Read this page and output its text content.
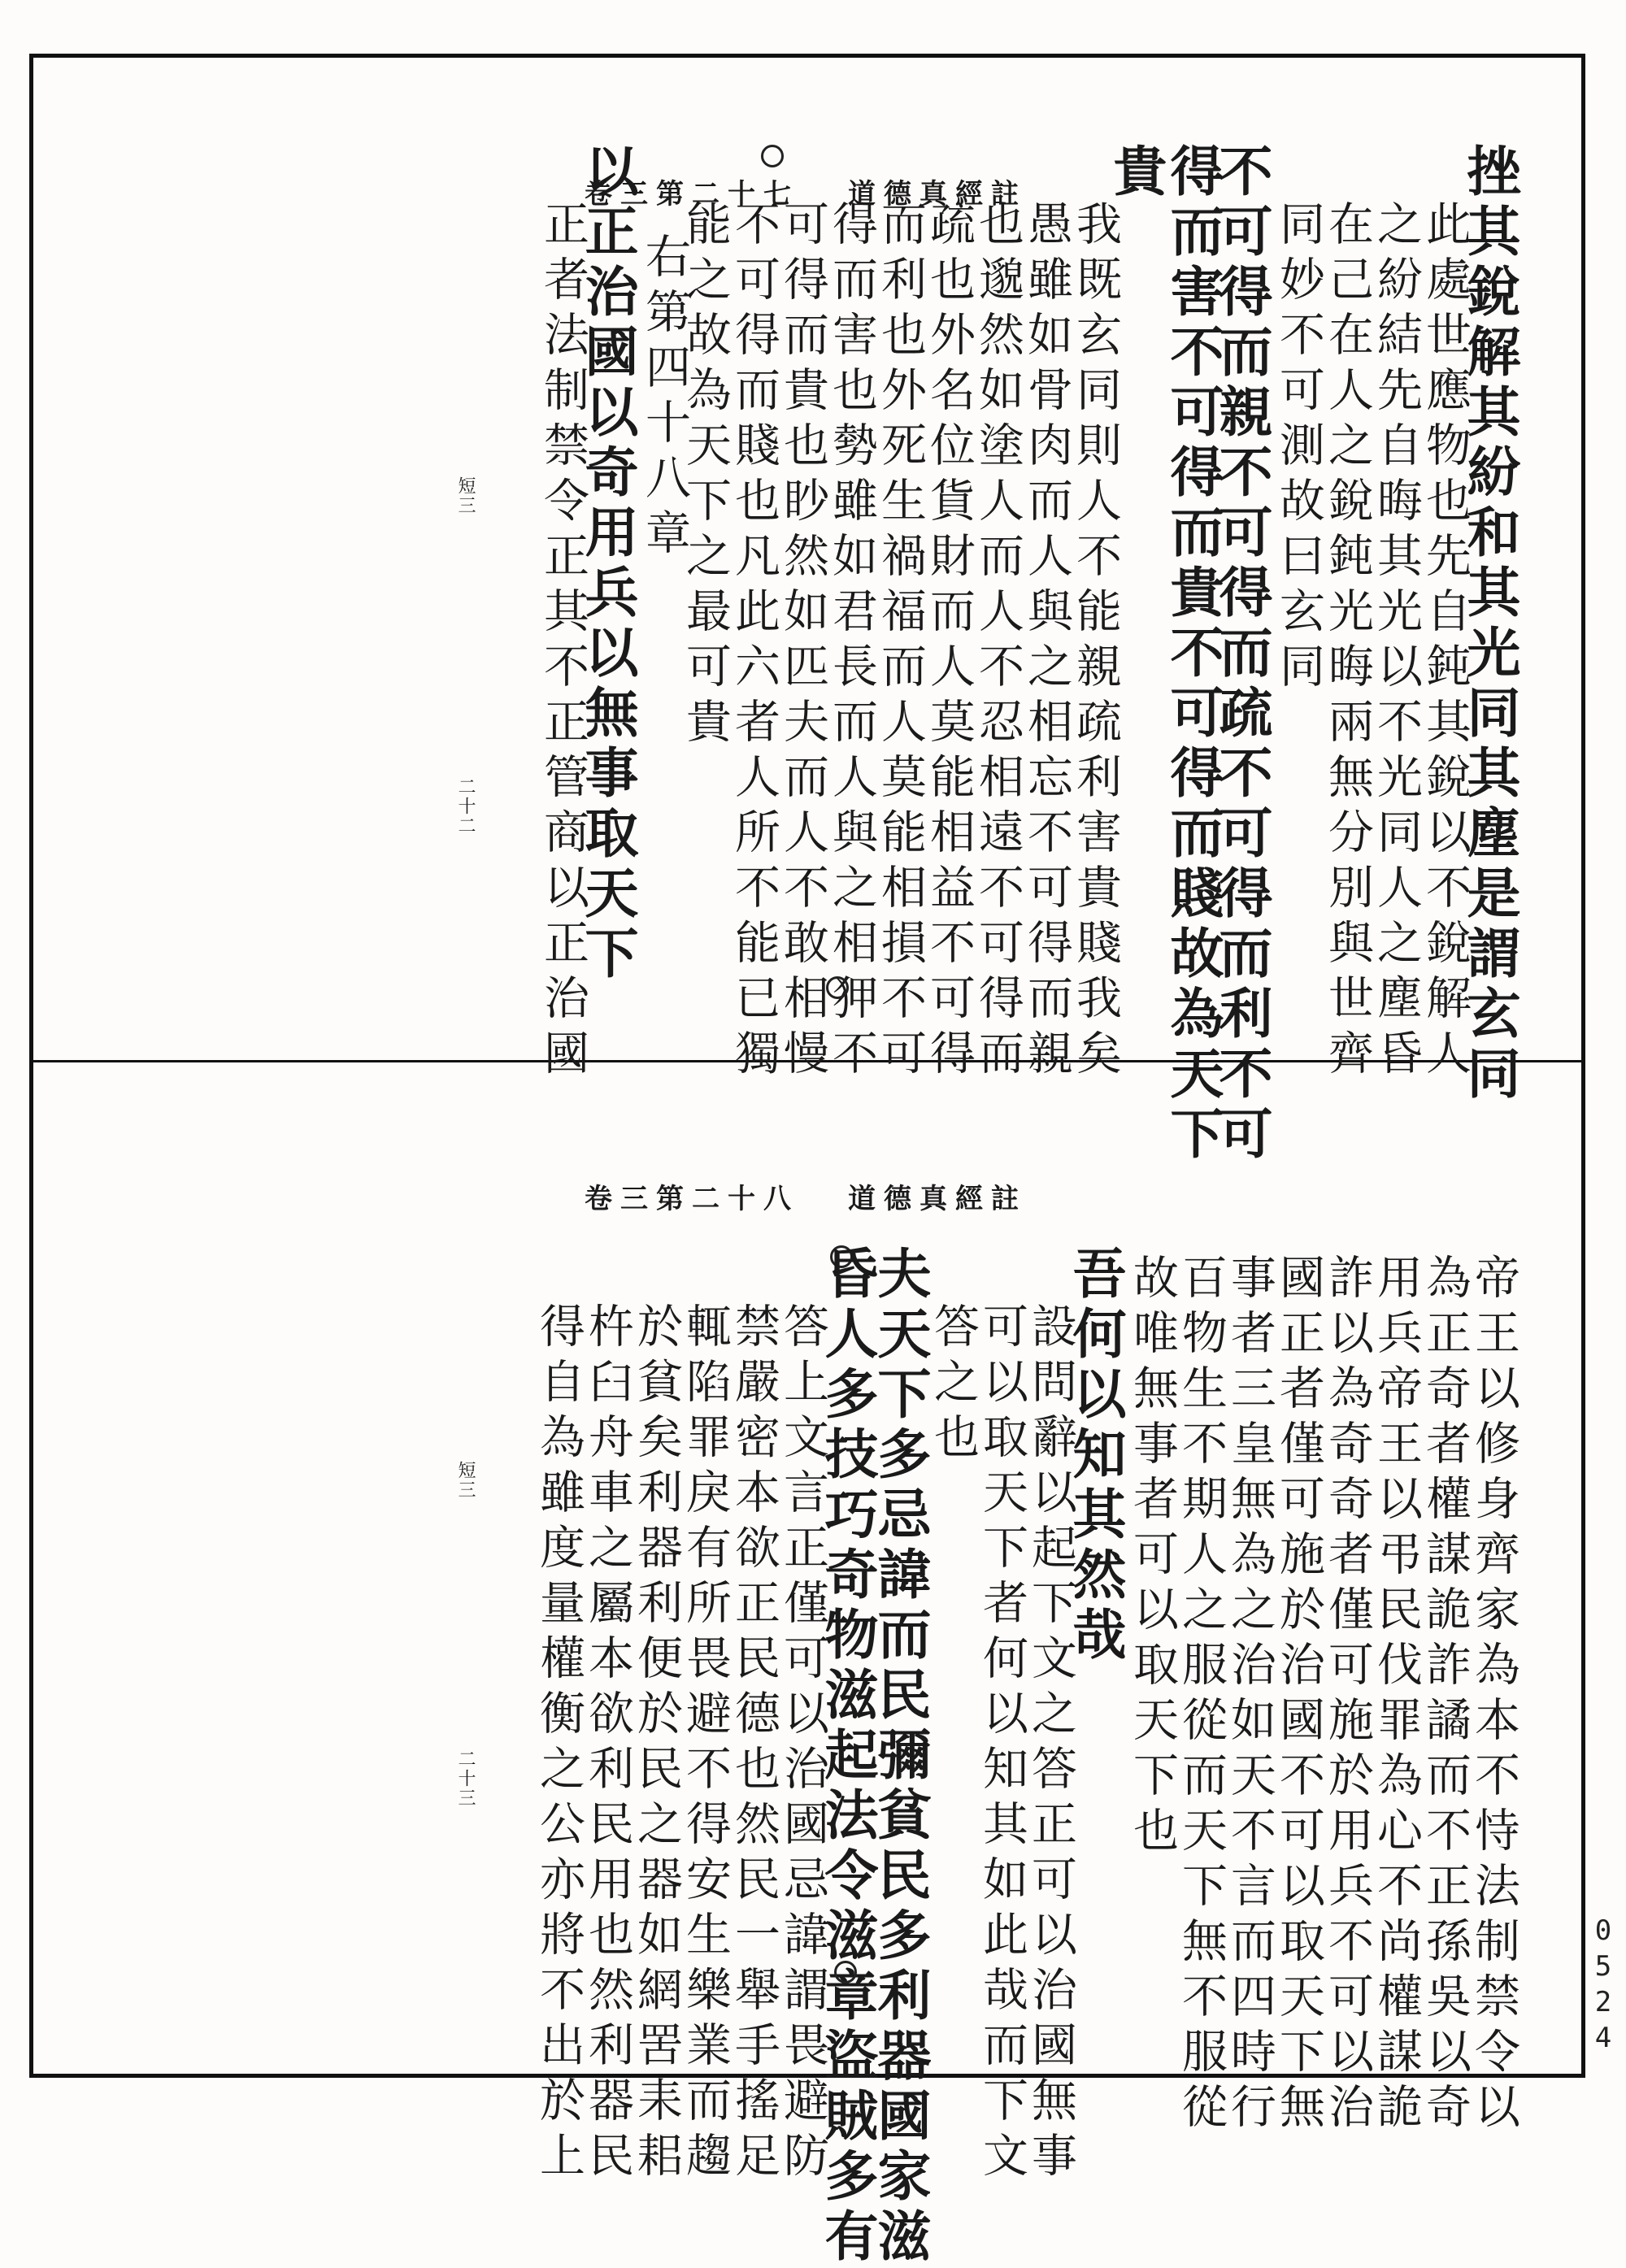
道德真經註
卷三第二十七	挫其銳解其紛和其光同其塵是謂玄同
此處世應物也先自鈍其銳以不銳解人
之紛結先自晦其光以不光同人之塵昏
在己在人之銳鈍光晦兩無分別與世齊
同妙不可測故曰玄同
不可得而親不可得而疏不可得而利不可
得而害不可得而貴不可得而賤故為天下
貴
我既玄同則人不能親疏利害貴賤我矣
愚雖如骨肉而人與之相忘不可得而親
也邈然如塗人而人不忍相遠不可得而
疏也外名位貨財而人莫能相益不可得
而利也外死生禍福而人莫能相損不可
得而害也勢雖如君長而人與之相狎不
可得而貴也眇然如匹夫而人不敢相慢
不可得而賤也凡此六者人所不能已獨
能之故為天下之最可貴
右第四十八章
以正治國以奇用兵以無事取天下
正者法制禁令正其不正管商以正治國
短三
二十二
道德真經註
卷三第二十八
帝王以修身齊家為本不恃法制禁令以
為正奇者權謀詭詐譎而不正孫吳以奇
用兵帝王以弔民伐罪為心不尚權謀詭
詐以為奇奇者僅可施於用兵不可以治
國正者僅可施於治國不可以取天下無
事者三皇無為之治如天不言而四時行
百物生不期人之服從而天下無不服從
故唯無事者可以取天下也
吾何以知其然哉
設問辭以起下文之答正可以治國無事
可以取天下者何以知其如此哉而下文
答之也
夫天下多忌諱而民彌貧民多利器國家滋
昏人多技巧奇物滋起法令滋章盜賊多有
答上文言正僅可以治國忌諱謂畏避防
禁嚴密本欲正民德也然民一舉手搖足
輒陷罪戾有所畏避不得安生樂業而趨
於貧矣利器利便於民之器如網罟耒耜
杵臼舟車之屬本欲利民用也然利器民
得自為雖度量權衡之公亦將不出於上
短三
二十三
0524
